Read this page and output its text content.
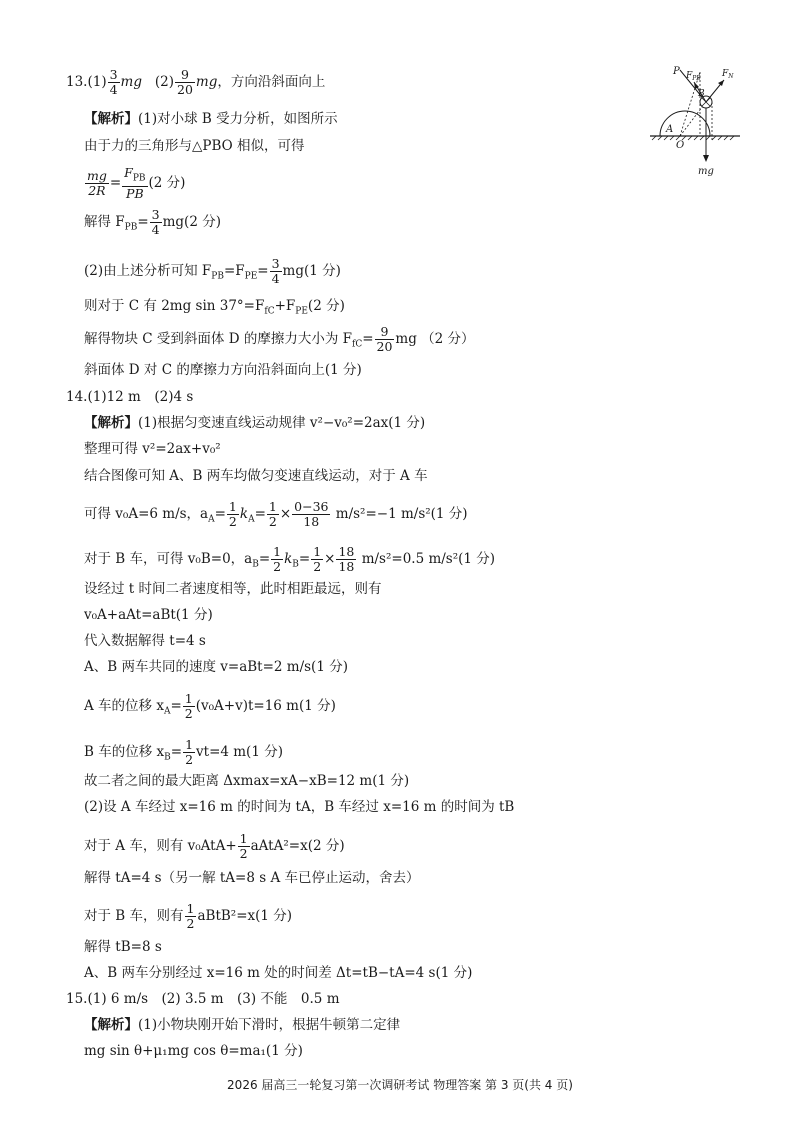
$13.(1) \frac{3}{4}$ mg $(2) \frac{9}{20}$ mg，方向沿斜面向上
【解析】(1)对小球 B 受力分析，如图所示
由于力的三角形与△PBO 相似，可得
$\frac{mg}{2R} = \frac{F_{PB}}{PB} (2$ 分)
解得 $F_{PB}= \frac{3}{4} mg(2$ 分)
(2)由上述分析可知 $F_{PB}=F_{PE}= \frac{3}{4} mg(1$ 分)
则对于 C 有 2mg $\sin 37^\circ=F_{fC}+F_{PE}(2$ 分)
解得物块 C 受到斜面体 D 的摩擦力大小为 $F_{fC}= \frac{9}{20}$ mg （2 分）
斜面体 D 对 C 的摩擦力方向沿斜面向上(1 分)
P $F_{PB}$ $F_N$
B
A
O
mg
14.(1)12 m　(2)4 s
【解析】(1)根据匀变速直线运动规律 v²−v₀²=2ax(1 分)
整理可得 v²=2ax+v₀²
结合图像可知 A、B 两车均做匀变速直线运动，对于 A 车
可得 v₀A=6 m/s，$a_A= \frac{1}{2} k_A= \frac{1}{2} \times \frac{0-36}{18} m/s^2=-1$ m/s²(1 分)
对于 B 车，可得 v₀B=0，$a_B= \frac{1}{2} k_B= \frac{1}{2} \times \frac{18}{18} m/s^2=0.5$ m/s²(1 分)
设经过 t 时间二者速度相等，此时相距最远，则有
v₀A+aAt=aBt(1 分)
代入数据解得 t=4 s
A、B 两车共同的速度 v=aBt=2 m/s(1 分)
A 车的位移 $x_A= \frac{1}{2} (v_0A+v)t=16$ m(1 分)
B 车的位移 $x_B= \frac{1}{2} vt=4$ m(1 分)
故二者之间的最大距离 Δxmax=xA−xB=12 m(1 分)
(2)设 A 车经过 x=16 m 的时间为 tA，B 车经过 x=16 m 的时间为 tB
对于 A 车，则有 $v_0AtA+ \frac{1}{2}$ aAtA²=x(2 分)
解得 tA=4 s（另一解 tA=8 s A 车已停止运动，舍去）
对于 B 车，则有 $\frac{1}{2}$ aBtB²=x(1 分)
解得 tB=8 s
A、B 两车分别经过 x=16 m 处的时间差 Δt=tB−tA=4 s(1 分)
15.(1) 6 m/s　(2) 3.5 m　(3) 不能　0.5 m
【解析】(1)小物块刚开始下滑时，根据牛顿第二定律
mg sin θ+μ₁mg cos θ=ma₁(1 分)
2026 届高三一轮复习第一次调研考试 物理答案 第 3 页(共 4 页)
